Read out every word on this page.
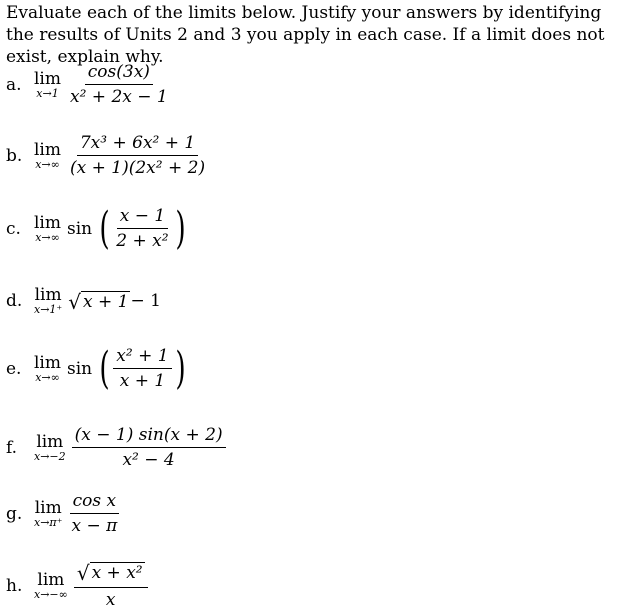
Evaluate each of the limits below. Justify your answers by identifying the results of Units 2 and 3 you apply in each case. If a limit does not exist, explain why.
a. lim
$x\to 1 \frac{\cos(3x)}{\text{x² + 2x − 1}}$
b. lim
$x\to\infty \frac{\text{7x³ + 6x² + 1}}{\text{(x + 1)(2x² + 2)}}$
c. lim
x→∞ sin ( $\frac{x - 1}{\text{2 + x²}}$ )
d. lim
x→1⁺ √ x + 1 − 1
e. lim
x→∞ sin ( $\frac{\text{x² + 1}}{x + 1}$ )
f.	lim
$x\to-2 \frac{(x - 1) \sin(x + 2)}{\text{x² − 4}}$
g. lim
$x\to\pi^+ \frac{\text{cos x}}{x - \pi}$
h. lim
$x\to-\infty \frac{\text{√ x + x²}}{x}$
